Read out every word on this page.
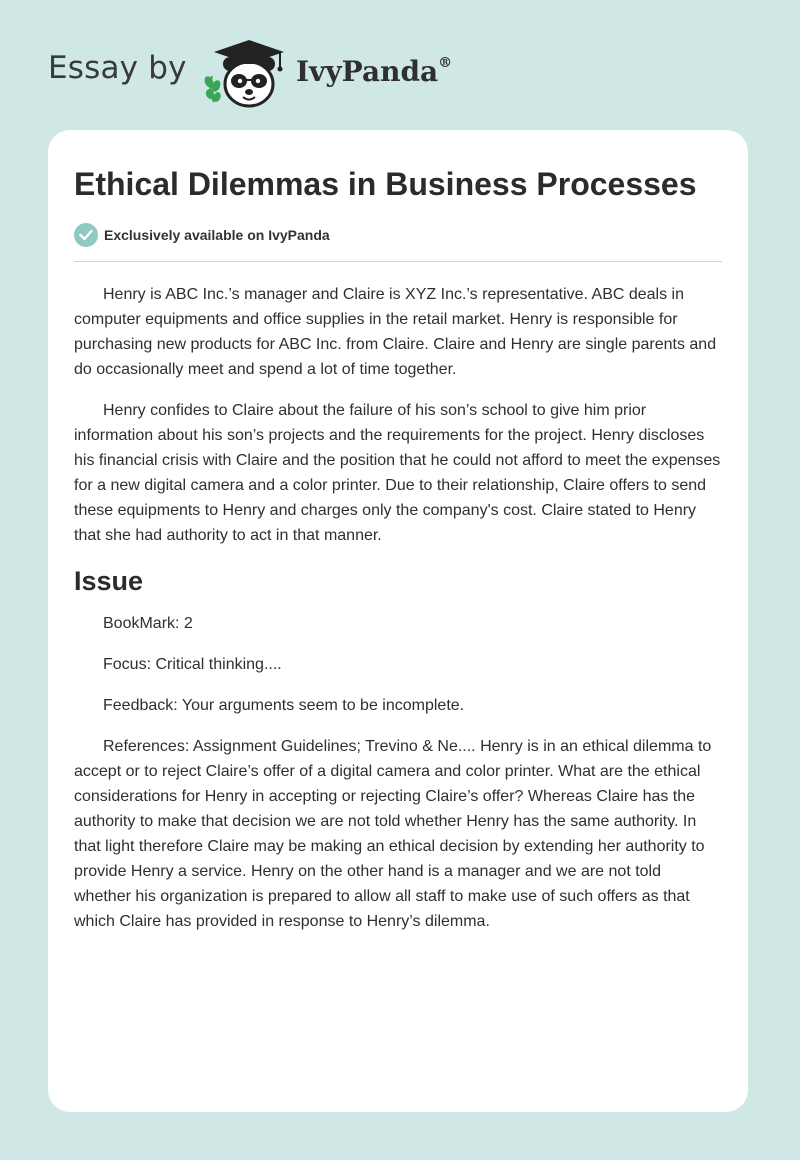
Essay by	IvyPanda®
Ethical Dilemmas in Business Processes
Exclusively available on IvyPanda

Henry is ABC Inc.’s manager and Claire is XYZ Inc.’s representative. ABC deals in computer equipments and office supplies in the retail market. Henry is responsible for purchasing new products for ABC Inc. from Claire. Claire and Henry are single parents and do occasionally meet and spend a lot of time together.

Henry confides to Claire about the failure of his son’s school to give him prior information about his son’s projects and the requirements for the project. Henry discloses his financial crisis with Claire and the position that he could not afford to meet the expenses for a new digital camera and a color printer. Due to their relationship, Claire offers to send these equipments to Henry and charges only the company's cost. Claire stated to Henry that she had authority to act in that manner.

Issue

BookMark: 2

Focus: Critical thinking....

Feedback: Your arguments seem to be incomplete.

References: Assignment Guidelines; Trevino & Ne.... Henry is in an ethical dilemma to accept or to reject Claire’s offer of a digital camera and color printer. What are the ethical considerations for Henry in accepting or rejecting Claire’s offer? Whereas Claire has the authority to make that decision we are not told whether Henry has the same authority. In that light therefore Claire may be making an ethical decision by extending her authority to provide Henry a service. Henry on the other hand is a manager and we are not told whether his organization is prepared to allow all staff to make use of such offers as that which Claire has provided in response to Henry’s dilemma.
